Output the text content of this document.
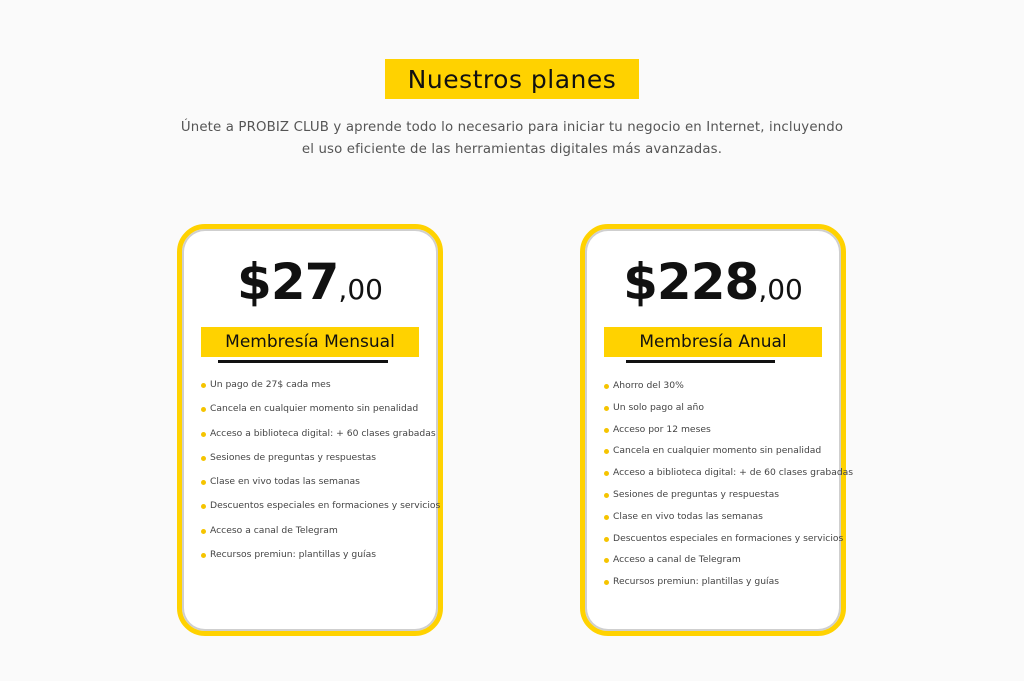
Nuestros planes

Únete a PROBIZ CLUB y aprende todo lo necesario para iniciar tu negocio en Internet, incluyendo el uso eficiente de las herramientas digitales más avanzadas.

$27,00
Membresía Mensual
Un pago de 27$ cada mes
Cancela en cualquier momento sin penalidad
Acceso a biblioteca digital: + 60 clases grabadas
Sesiones de preguntas y respuestas
Clase en vivo todas las semanas
Descuentos especiales en formaciones y servicios
Acceso a canal de Telegram
Recursos premiun: plantillas y guías
$228,00
Membresía Anual
Ahorro del 30%
Un solo pago al año
Acceso por 12 meses
Cancela en cualquier momento sin penalidad
Acceso a biblioteca digital: + de 60 clases grabadas
Sesiones de preguntas y respuestas
Clase en vivo todas las semanas
Descuentos especiales en formaciones y servicios
Acceso a canal de Telegram
Recursos premiun: plantillas y guías
